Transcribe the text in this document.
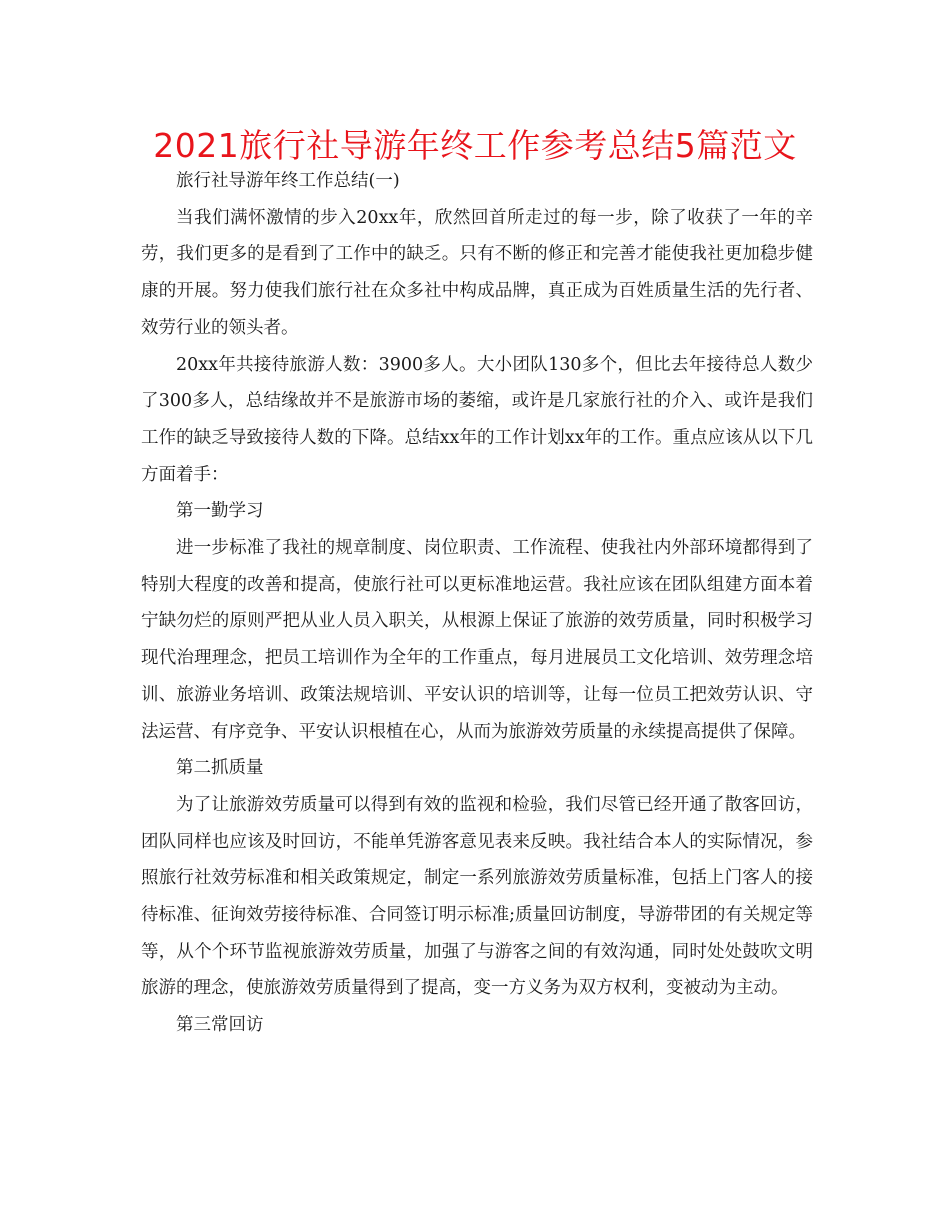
2021旅行社导游年终工作参考总结5篇范文

旅行社导游年终工作总结(一)

当我们满怀激情的步入20xx年，欣然回首所走过的每一步，除了收获了一年的辛劳，我们更多的是看到了工作中的缺乏。只有不断的修正和完善才能使我社更加稳步健康的开展。努力使我们旅行社在众多社中构成品牌，真正成为百姓质量生活的先行者、效劳行业的领头者。

20xx年共接待旅游人数：3900多人。大小团队130多个，但比去年接待总人数少了300多人，总结缘故并不是旅游市场的萎缩，或许是几家旅行社的介入、或许是我们工作的缺乏导致接待人数的下降。总结xx年的工作计划xx年的工作。重点应该从以下几方面着手：

第一勤学习

进一步标准了我社的规章制度、岗位职责、工作流程、使我社内外部环境都得到了特别大程度的改善和提高，使旅行社可以更标准地运营。我社应该在团队组建方面本着宁缺勿烂的原则严把从业人员入职关，从根源上保证了旅游的效劳质量，同时积极学习现代治理理念，把员工培训作为全年的工作重点，每月进展员工文化培训、效劳理念培训、旅游业务培训、政策法规培训、平安认识的培训等，让每一位员工把效劳认识、守法运营、有序竞争、平安认识根植在心，从而为旅游效劳质量的永续提高提供了保障。

第二抓质量

为了让旅游效劳质量可以得到有效的监视和检验，我们尽管已经开通了散客回访，团队同样也应该及时回访，不能单凭游客意见表来反映。我社结合本人的实际情况，参照旅行社效劳标准和相关政策规定，制定一系列旅游效劳质量标准，包括上门客人的接待标准、征询效劳接待标准、合同签订明示标准;质量回访制度，导游带团的有关规定等等，从个个环节监视旅游效劳质量，加强了与游客之间的有效沟通，同时处处鼓吹文明旅游的理念，使旅游效劳质量得到了提高，变一方义务为双方权利，变被动为主动。

第三常回访
